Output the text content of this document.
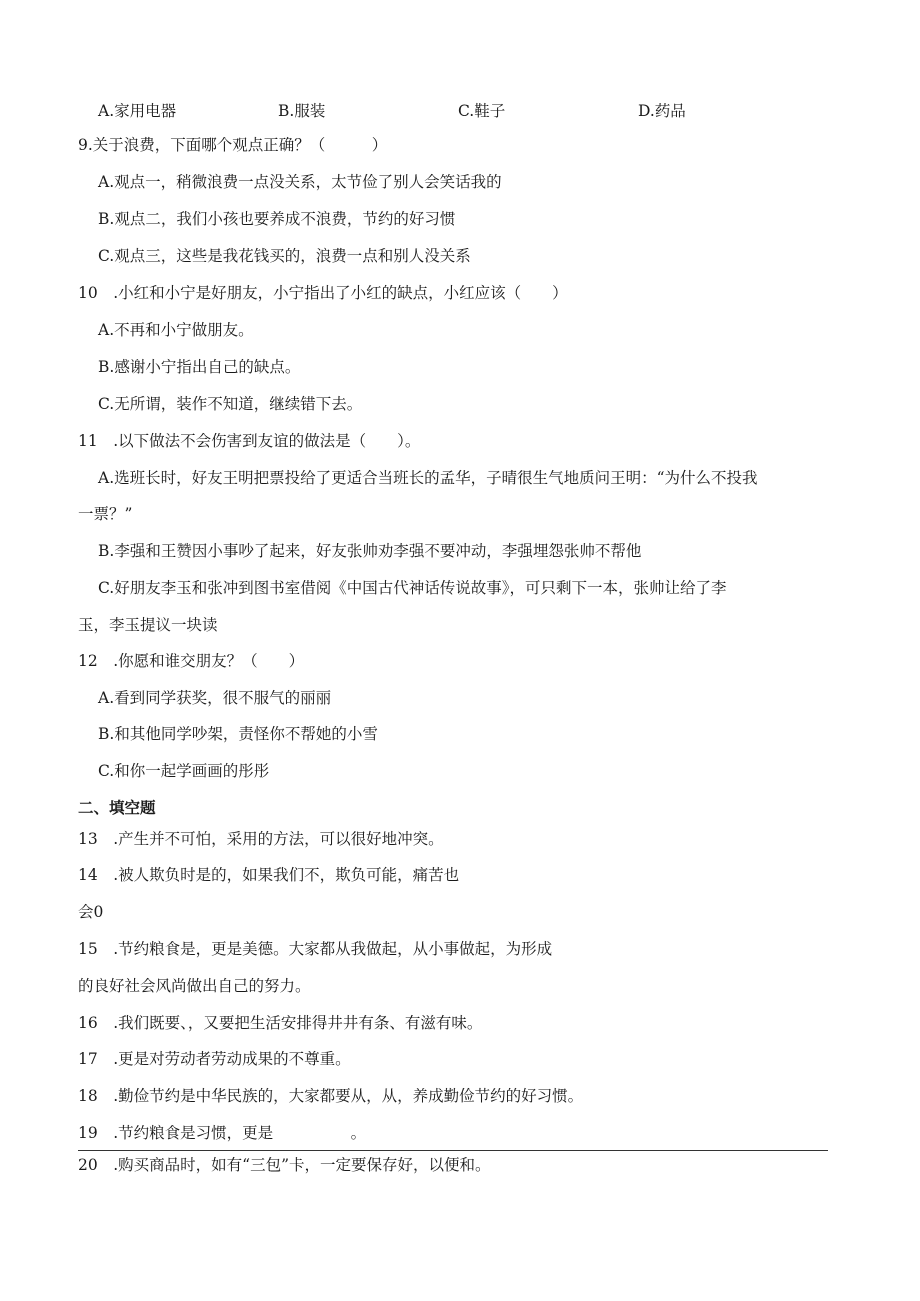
A.家用电器	B.服装	C.鞋子	D.药品
9.关于浪费，下面哪个观点正确？（　　　）
A.观点一，稍微浪费一点没关系，太节俭了别人会笑话我的
B.观点二，我们小孩也要养成不浪费，节约的好习惯
C.观点三，这些是我花钱买的，浪费一点和别人没关系
10　.小红和小宁是好朋友，小宁指出了小红的缺点，小红应该（　　）
A.不再和小宁做朋友。
B.感谢小宁指出自己的缺点。
C.无所谓，装作不知道，继续错下去。
11　.以下做法不会伤害到友谊的做法是（　　）。
A.选班长时，好友王明把票投给了更适合当班长的孟华，子晴很生气地质问王明：“为什么不投我
一票？”
B.李强和王赞因小事吵了起来，好友张帅劝李强不要冲动，李强埋怨张帅不帮他
C.好朋友李玉和张冲到图书室借阅《中国古代神话传说故事》，可只剩下一本，张帅让给了李
玉，李玉提议一块读
12　.你愿和谁交朋友？（　　）
A.看到同学获奖，很不服气的丽丽
B.和其他同学吵架，责怪你不帮她的小雪
C.和你一起学画画的彤彤
二、填空题
13　.产生并不可怕，采用的方法，可以很好地冲突。
14　.被人欺负时是的，如果我们不，欺负可能，痛苦也
会0
15　.节约粮食是，更是美德。大家都从我做起，从小事做起，为形成
的良好社会风尚做出自己的努力。
16　.我们既要、，又要把生活安排得井井有条、有滋有味。
17　.更是对劳动者劳动成果的不尊重。
18　.勤俭节约是中华民族的，大家都要从，从，养成勤俭节约的好习惯。
19　.节约粮食是习惯，更是　　　　　。
20　.购买商品时，如有“三包”卡，一定要保存好，以便和。
